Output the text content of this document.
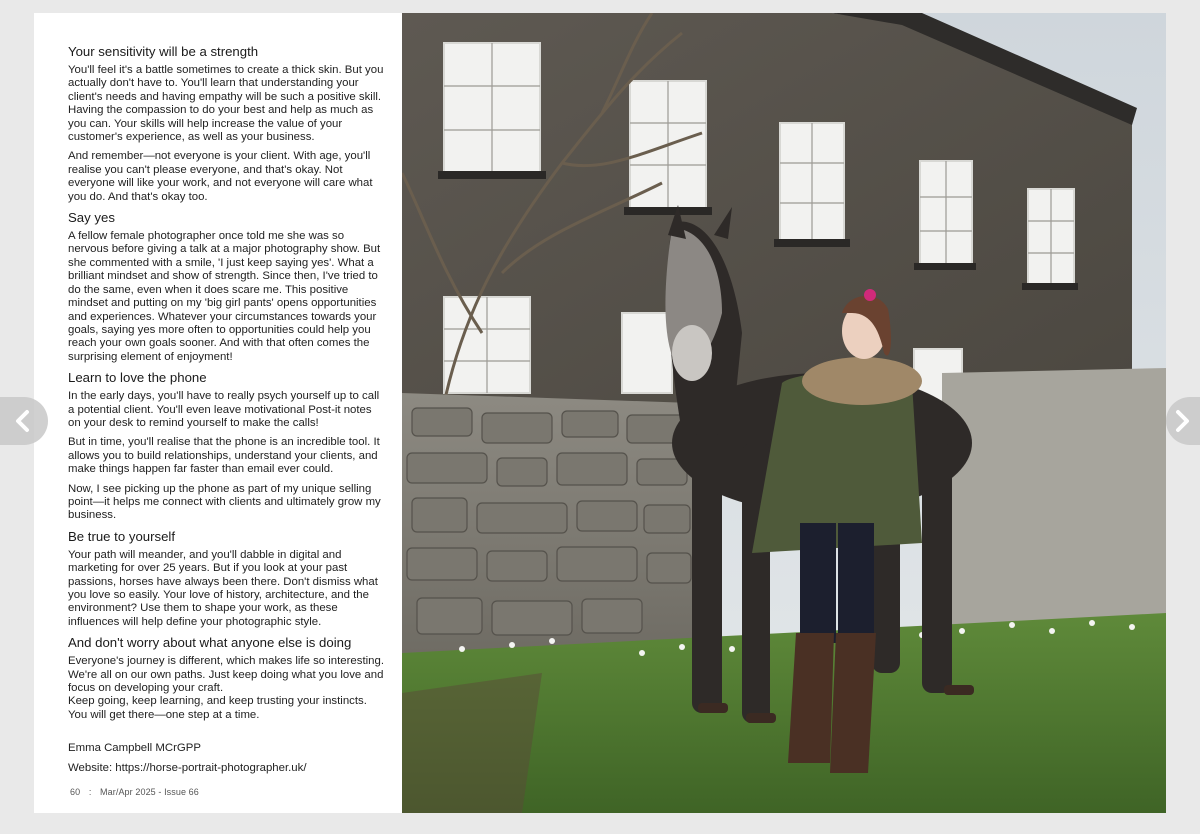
Your sensitivity will be a strength

You'll feel it's a battle sometimes to create a thick skin. But you actually don't have to. You'll learn that understanding your client's needs and having empathy will be such a positive skill. Having the compassion to do your best and help as much as you can. Your skills will help increase the value of your customer's experience, as well as your business.

And remember—not everyone is your client. With age, you'll realise you can't please everyone, and that's okay. Not everyone will like your work, and not everyone will care what you do. And that's okay too.

Say yes

A fellow female photographer once told me she was so nervous before giving a talk at a major photography show. But she commented with a smile, 'I just keep saying yes'. What a brilliant mindset and show of strength. Since then, I've tried to do the same, even when it does scare me. This positive mindset and putting on my 'big girl pants' opens opportunities and experiences. Whatever your circumstances towards your goals, saying yes more often to opportunities could help you reach your own goals sooner. And with that often comes the surprising element of enjoyment!

Learn to love the phone

In the early days, you'll have to really psych yourself up to call a potential client. You'll even leave motivational Post-it notes on your desk to remind yourself to make the calls!

But in time, you'll realise that the phone is an incredible tool. It allows you to build relationships, understand your clients, and make things happen far faster than email ever could.

Now, I see picking up the phone as part of my unique selling point—it helps me connect with clients and ultimately grow my business.

Be true to yourself

Your path will meander, and you'll dabble in digital and marketing for over 25 years. But if you look at your past passions, horses have always been there. Don't dismiss what you love so easily. Your love of history, architecture, and the environment? Use them to shape your work, as these influences will help define your photographic style.

And don't worry about what anyone else is doing

Everyone's journey is different, which makes life so interesting. We're all on our own paths. Just keep doing what you love and focus on developing your craft.

Keep going, keep learning, and keep trusting your instincts. You will get there—one step at a time.

Emma Campbell MCrGPP

Website: https://horse-portrait-photographer.uk/

60 : Mar/Apr 2025 - Issue 66
